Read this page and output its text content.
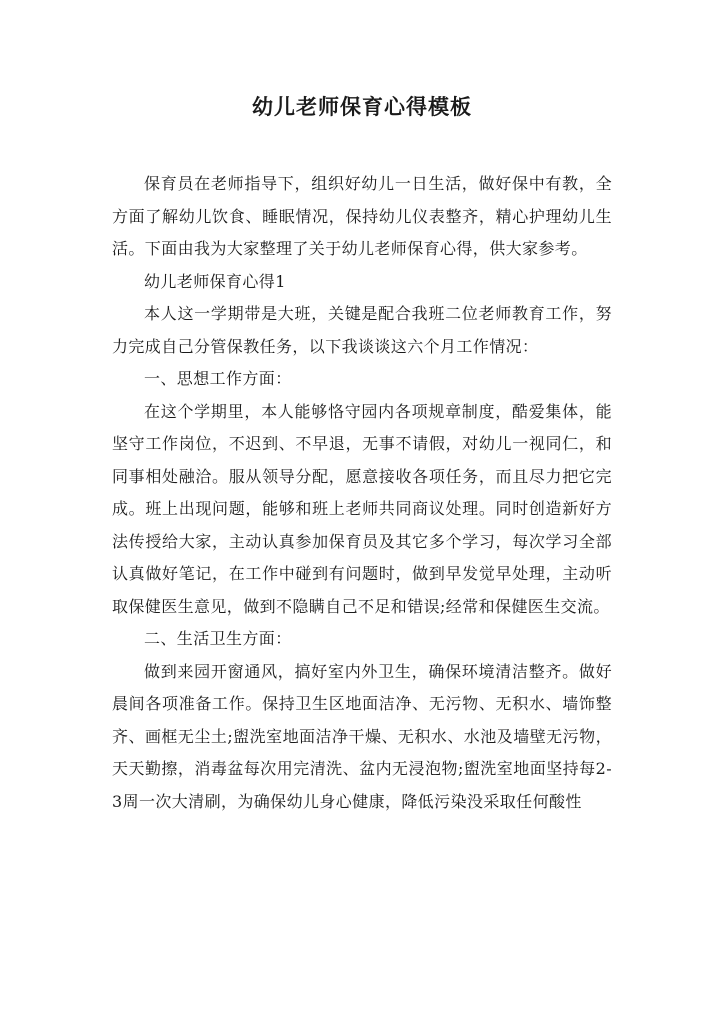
幼儿老师保育心得模板

保育员在老师指导下，组织好幼儿一日生活，做好保中有教，全方面了解幼儿饮食、睡眠情况，保持幼儿仪表整齐，精心护理幼儿生活。下面由我为大家整理了关于幼儿老师保育心得，供大家参考。

幼儿老师保育心得1

本人这一学期带是大班，关键是配合我班二位老师教育工作，努力完成自己分管保教任务，以下我谈谈这六个月工作情况：

一、思想工作方面：

在这个学期里，本人能够恪守园内各项规章制度，酷爱集体，能坚守工作岗位，不迟到、不早退，无事不请假，对幼儿一视同仁，和同事相处融洽。服从领导分配，愿意接收各项任务，而且尽力把它完成。班上出现问题，能够和班上老师共同商议处理。同时创造新好方法传授给大家，主动认真参加保育员及其它多个学习，每次学习全部认真做好笔记，在工作中碰到有问题时，做到早发觉早处理，主动听取保健医生意见，做到不隐瞒自己不足和错误;经常和保健医生交流。

二、生活卫生方面：

做到来园开窗通风，搞好室内外卫生，确保环境清洁整齐。做好晨间各项准备工作。保持卫生区地面洁净、无污物、无积水、墙饰整齐、画框无尘土;盥洗室地面洁净干燥、无积水、水池及墙壁无污物，天天勤擦，消毒盆每次用完清洗、盆内无浸泡物;盥洗室地面坚持每2-3周一次大清刷，为确保幼儿身心健康，降低污染没采取任何酸性
